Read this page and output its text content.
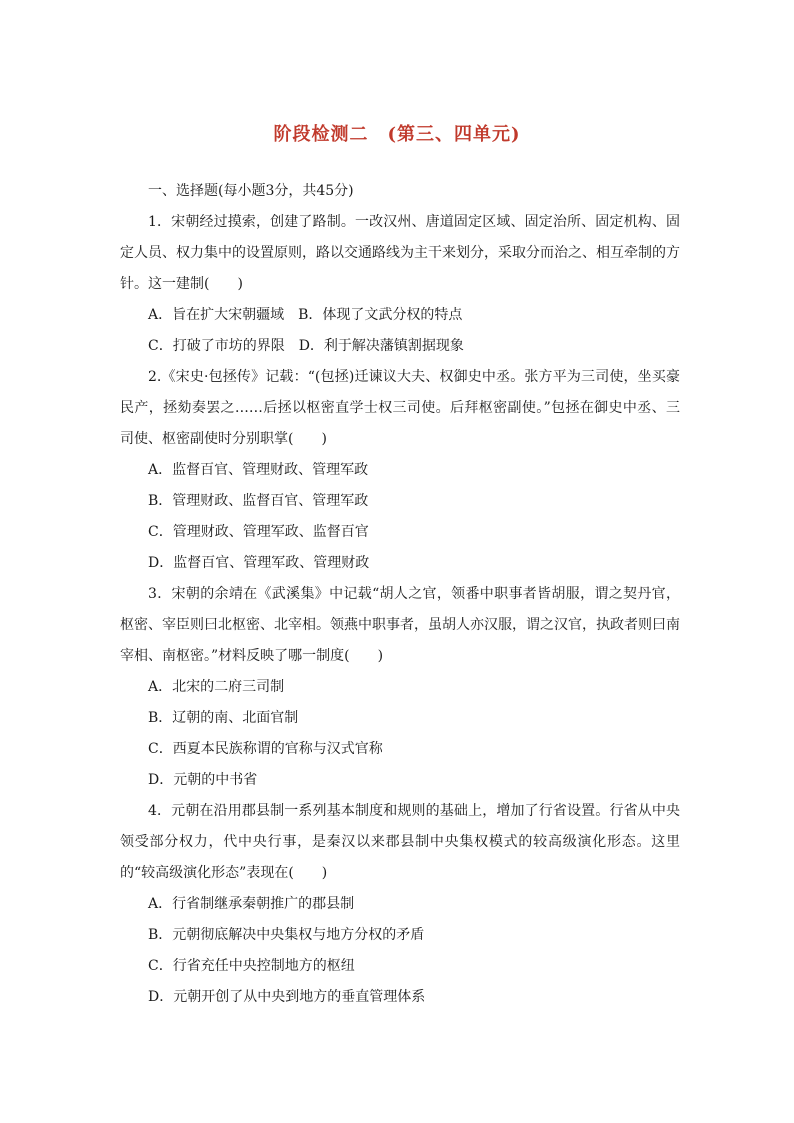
阶段检测二　(第三、四单元)

一、选择题(每小题3分，共45分)

1．宋朝经过摸索，创建了路制。一改汉州、唐道固定区域、固定治所、固定机构、固定人员、权力集中的设置原则，路以交通路线为主干来划分，采取分而治之、相互牵制的方针。这一建制(　　)

A．旨在扩大宋朝疆域　B．体现了文武分权的特点

C．打破了市坊的界限　D．利于解决藩镇割据现象

2.《宋史·包拯传》记载：“(包拯)迁谏议大夫、权御史中丞。张方平为三司使，坐买豪民产，拯劾奏罢之……后拯以枢密直学士权三司使。后拜枢密副使。”包拯在御史中丞、三司使、枢密副使时分别职掌(　　)

A．监督百官、管理财政、管理军政

B．管理财政、监督百官、管理军政

C．管理财政、管理军政、监督百官

D．监督百官、管理军政、管理财政

3．宋朝的余靖在《武溪集》中记载“胡人之官，领番中职事者皆胡服，谓之契丹官，枢密、宰臣则曰北枢密、北宰相。领燕中职事者，虽胡人亦汉服，谓之汉官，执政者则曰南宰相、南枢密。”材料反映了哪一制度(　　)

A．北宋的二府三司制

B．辽朝的南、北面官制

C．西夏本民族称谓的官称与汉式官称

D．元朝的中书省

4．元朝在沿用郡县制一系列基本制度和规则的基础上，增加了行省设置。行省从中央领受部分权力，代中央行事，是秦汉以来郡县制中央集权模式的较高级演化形态。这里的“较高级演化形态”表现在(　　)

A．行省制继承秦朝推广的郡县制

B．元朝彻底解决中央集权与地方分权的矛盾

C．行省充任中央控制地方的枢纽

D．元朝开创了从中央到地方的垂直管理体系
